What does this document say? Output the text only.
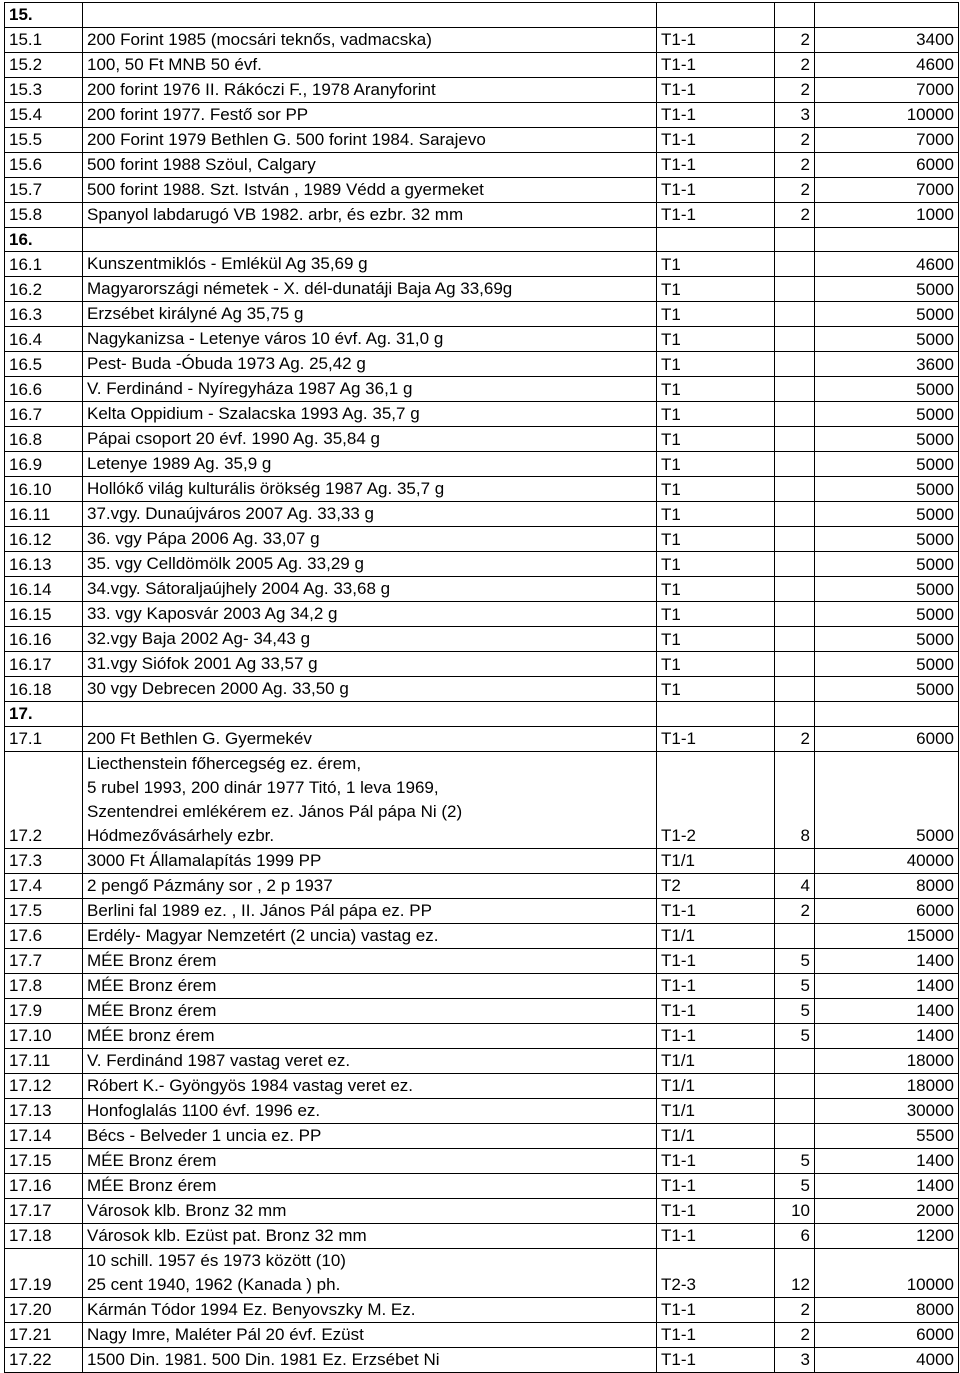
15.				
15.1	200 Forint 1985 (mocsári teknős, vadmacska)	T1-1	2	3400
15.2	100, 50 Ft MNB 50 évf.	T1-1	2	4600
15.3	200 forint 1976 II. Rákóczi F., 1978 Aranyforint	T1-1	2	7000
15.4	200 forint 1977. Festő sor PP	T1-1	3	10000
15.5	200 Forint 1979 Bethlen G. 500 forint 1984. Sarajevo	T1-1	2	7000
15.6	500 forint 1988 Szöul, Calgary	T1-1	2	6000
15.7	500 forint 1988. Szt. István , 1989 Védd a gyermeket	T1-1	2	7000
15.8	Spanyol labdarugó VB 1982. arbr, és ezbr. 32 mm	T1-1	2	1000
16.				
16.1	Kunszentmiklós - Emlékül Ag 35,69 g	T1		4600
16.2	Magyarországi németek - X. dél-dunatáji Baja Ag 33,69g	T1		5000
16.3	Erzsébet királyné Ag 35,75 g	T1		5000
16.4	Nagykanizsa - Letenye város 10 évf. Ag. 31,0 g	T1		5000
16.5	Pest- Buda -Óbuda 1973 Ag. 25,42 g	T1		3600
16.6	V. Ferdinánd - Nyíregyháza 1987 Ag 36,1 g	T1		5000
16.7	Kelta Oppidium - Szalacska 1993 Ag. 35,7 g	T1		5000
16.8	Pápai csoport 20 évf. 1990 Ag. 35,84 g	T1		5000
16.9	Letenye 1989 Ag. 35,9 g	T1		5000
16.10	Hollókő világ kulturális örökség 1987 Ag. 35,7 g	T1		5000
16.11	37.vgy. Dunaújváros 2007 Ag. 33,33 g	T1		5000
16.12	36. vgy Pápa 2006 Ag. 33,07 g	T1		5000
16.13	35. vgy Celldömölk 2005 Ag. 33,29 g	T1		5000
16.14	34.vgy. Sátoraljaújhely 2004 Ag. 33,68 g	T1		5000
16.15	33. vgy Kaposvár 2003 Ag 34,2 g	T1		5000
16.16	32.vgy Baja 2002 Ag- 34,43 g	T1		5000
16.17	31.vgy Siófok 2001 Ag 33,57 g	T1		5000
16.18	30 vgy Debrecen 2000 Ag. 33,50 g	T1		5000
17.				
17.1	200 Ft Bethlen G. Gyermekév	T1-1	2	6000
17.2	Liecthenstein főhercegség ez. érem,
5 rubel 1993, 200 dinár 1977 Titó, 1 leva 1969,
Szentendrei emlékérem ez. János Pál pápa Ni (2)
Hódmezővásárhely ezbr.	T1-2	8	5000
17.3	3000 Ft Államalapítás 1999 PP	T1/1		40000
17.4	2 pengő Pázmány sor , 2 p 1937	T2	4	8000
17.5	Berlini fal 1989 ez. , II. János Pál pápa ez. PP	T1-1	2	6000
17.6	Erdély- Magyar Nemzetért (2 uncia) vastag ez.	T1/1		15000
17.7	MÉE Bronz érem	T1-1	5	1400
17.8	MÉE Bronz érem	T1-1	5	1400
17.9	MÉE Bronz érem	T1-1	5	1400
17.10	MÉE bronz érem	T1-1	5	1400
17.11	V. Ferdinánd 1987 vastag veret ez.	T1/1		18000
17.12	Róbert K.- Gyöngyös 1984 vastag veret ez.	T1/1		18000
17.13	Honfoglalás 1100 évf. 1996 ez.	T1/1		30000
17.14	Bécs - Belveder 1 uncia ez. PP	T1/1		5500
17.15	MÉE Bronz érem	T1-1	5	1400
17.16	MÉE Bronz érem	T1-1	5	1400
17.17	Városok klb. Bronz 32 mm	T1-1	10	2000
17.18	Városok klb. Ezüst pat. Bronz 32 mm	T1-1	6	1200
17.19	10 schill. 1957 és 1973 között (10)
25 cent 1940, 1962 (Kanada ) ph.	T2-3	12	10000
17.20	Kármán Tódor 1994 Ez. Benyovszky M. Ez.	T1-1	2	8000
17.21	Nagy Imre, Maléter Pál 20 évf. Ezüst	T1-1	2	6000
17.22	1500 Din. 1981. 500 Din. 1981 Ez. Erzsébet Ni	T1-1	3	4000
